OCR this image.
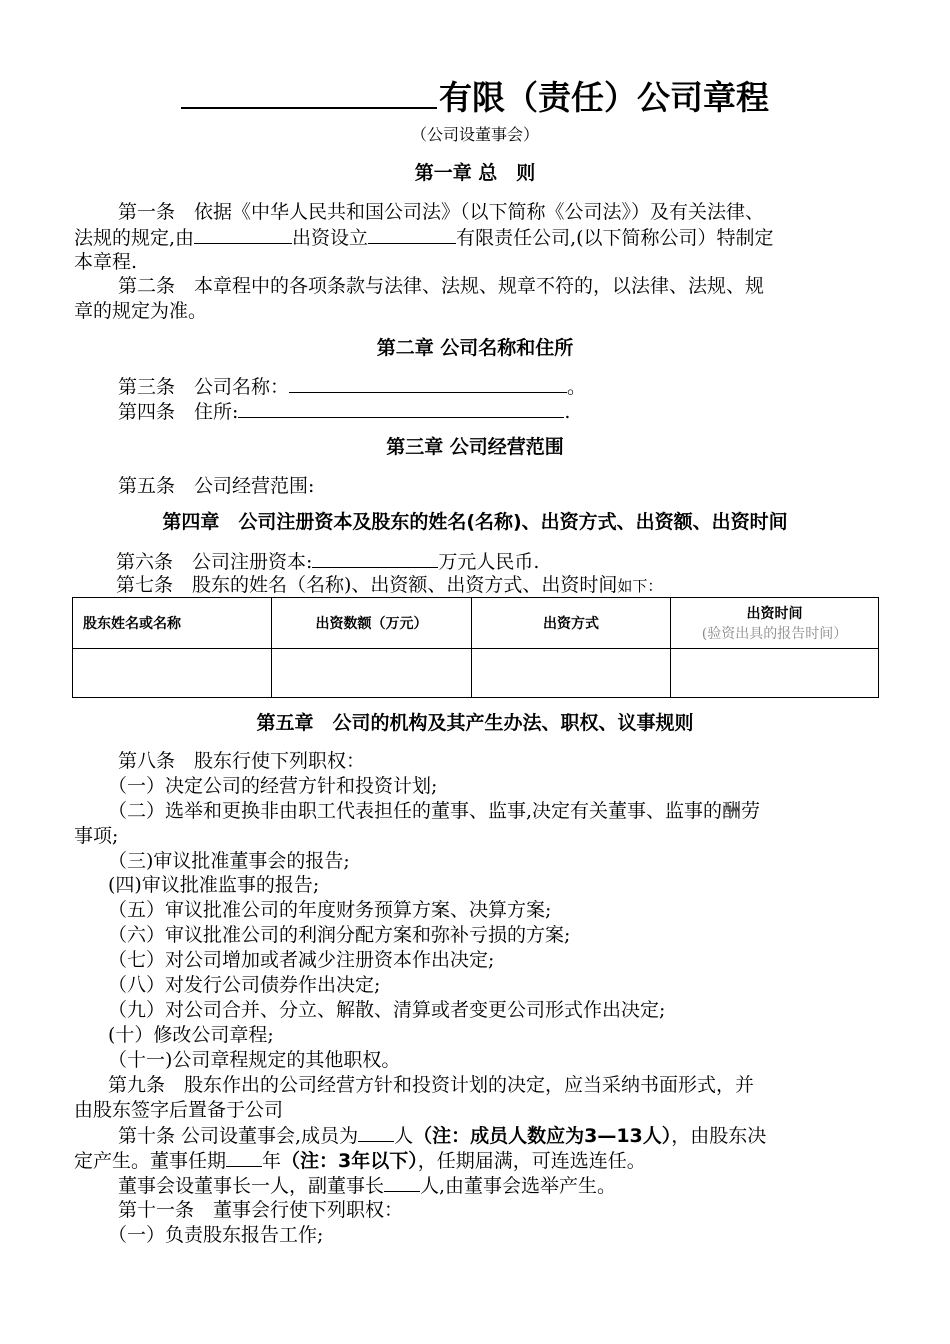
有限（责任）公司章程
（公司设董事会）
第一章 总　则
第一条　依据《中华人民共和国公司法》（以下简称《公司法》）及有关法律、
法规的规定,由	出资设立	有限责任公司,(以下简称公司）特制定
本章程.
第二条　本章程中的各项条款与法律、法规、规章不符的，以法律、法规、规
章的规定为准。
第二章 公司名称和住所
第三条　公司名称：	。
第四条　住所:	.
第三章 公司经营范围
第五条　公司经营范围:
第四章　公司注册资本及股东的姓名(名称)、出资方式、出资额、出资时间
第六条　公司注册资本:	万元人民币.
第七条　股东的姓名（名称)、出资额、出资方式、出资时间如下：
股东姓名或名称	出资数额（万元）	出资方式	出资时间
(验资出具的报告时间）

第五章　公司的机构及其产生办法、职权、议事规则
第八条　股东行使下列职权：
（一）决定公司的经营方针和投资计划;
（二）选举和更换非由职工代表担任的董事、监事,决定有关董事、监事的酬劳
事项;
（三)审议批准董事会的报告;
(四)审议批准监事的报告;
（五）审议批准公司的年度财务预算方案、决算方案;
（六）审议批准公司的利润分配方案和弥补亏损的方案;
（七）对公司增加或者减少注册资本作出决定;
（八）对发行公司债券作出决定;
（九）对公司合并、分立、解散、清算或者变更公司形式作出决定;
(十）修改公司章程;
（十一)公司章程规定的其他职权。
第九条　股东作出的公司经营方针和投资计划的决定，应当采纳书面形式，并
由股东签字后置备于公司
第十条 公司设董事会,成员为 人（注：成员人数应为3—13人），由股东决
定产生。董事任期 年（注：3年以下），任期届满，可连选连任。
董事会设董事长一人，副董事长 人,由董事会选举产生。
第十一条　董事会行使下列职权：
（一）负责股东报告工作;
